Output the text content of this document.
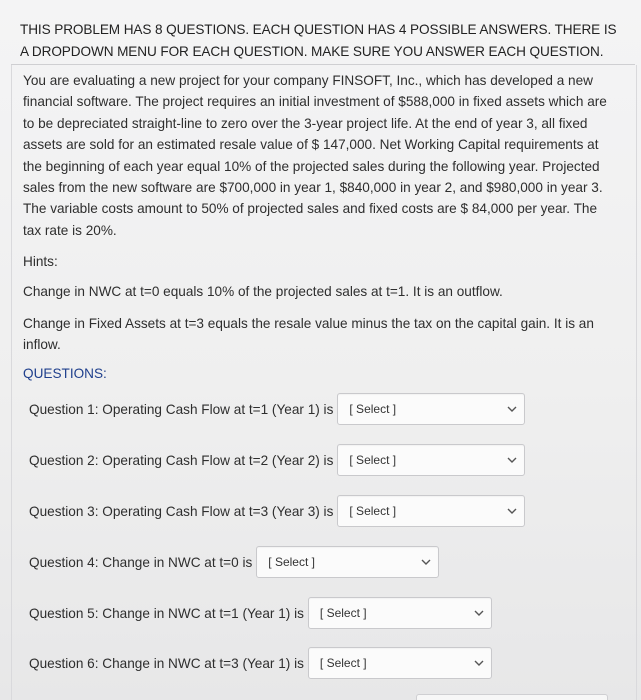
THIS PROBLEM HAS 8 QUESTIONS. EACH QUESTION HAS 4 POSSIBLE ANSWERS. THERE IS A DROPDOWN MENU FOR EACH QUESTION. MAKE SURE YOU ANSWER EACH QUESTION.
You are evaluating a new project for your company FINSOFT, Inc., which has developed a new financial software. The project requires an initial investment of $588,000 in fixed assets which are to be depreciated straight-line to zero over the 3-year project life. At the end of year 3, all fixed assets are sold for an estimated resale value of $ 147,000. Net Working Capital requirements at the beginning of each year equal 10% of the projected sales during the following year. Projected sales from the new software are $700,000 in year 1, $840,000 in year 2, and $980,000 in year 3. The variable costs amount to 50% of projected sales and fixed costs are $ 84,000 per year. The tax rate is 20%.
Hints:
Change in NWC at t=0 equals 10% of the projected sales at t=1. It is an outflow.
Change in Fixed Assets at t=3 equals the resale value minus the tax on the capital gain. It is an inflow.
QUESTIONS:
Question 1: Operating Cash Flow at t=1 (Year 1) is [ Select ]
Question 2: Operating Cash Flow at t=2 (Year 2) is [ Select ]
Question 3: Operating Cash Flow at t=3 (Year 3) is [ Select ]
Question 4: Change in NWC at t=0 is [ Select ]
Question 5: Change in NWC at t=1 (Year 1) is [ Select ]
Question 6: Change in NWC at t=3 (Year 1) is [ Select ]
